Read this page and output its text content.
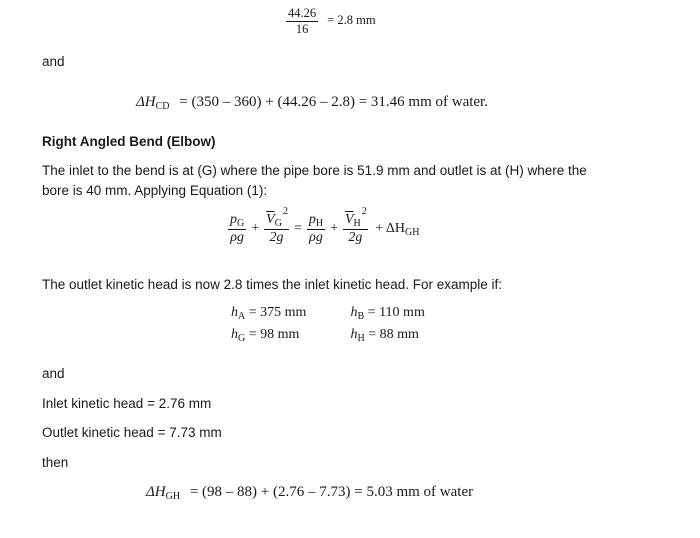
$\frac{44.26}{16} = 2.8$ mm
and
$\Delta H_{CD} = (350 - 360) + (44.26 - 2.8) = 31.46$ mm of water.
Right Angled Bend (Elbow)
The inlet to the bend is at (G) where the pipe bore is 51.9 mm and outlet is at (H) where the
bore is 40 mm. Applying Equation (1):
$\frac{p_G}{\rho g} + \frac{\overline{V}_G^2}{2g} = \frac{p_H}{\rho g} + \frac{\overline{V}_H^2}{2g} + \Delta H_{GH}$
The outlet kinetic head is now 2.8 times the inlet kinetic head. For example if:
$h_A = 375$ mm	$h_B = 110$ mm
$h_G = 98$ mm	$h_H = 88$ mm
and
Inlet kinetic head = 2.76 mm
Outlet kinetic head = 7.73 mm
then
$\Delta H_{GH} = (98 - 88) + (2.76 - 7.73) = 5.03$ mm of water
